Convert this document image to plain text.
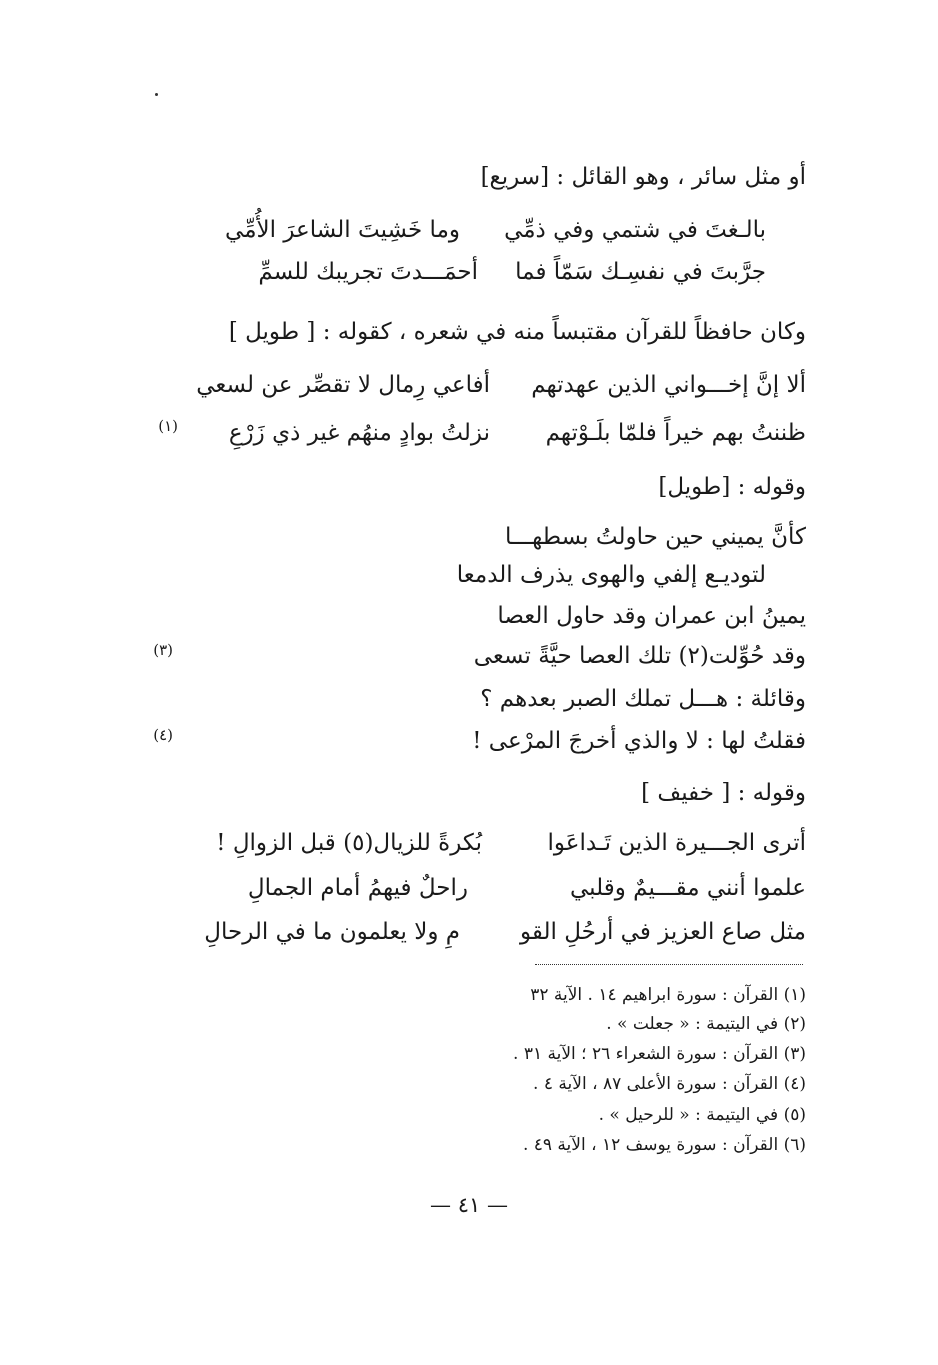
أو مثل سائر ، وهو القائل : [سريع]
بالـغتَ في شتمي وفي ذمِّي
وما خَشِيتَ الشاعرَ الأُمِّي
جرَّبتَ في نفسِـك سَمّاً فما
أحمَـــدتَ تجريبك للسمِّ
وكان حافظاً للقرآن مقتبساً منه في شعره ، كقوله : [ طويل ]
ألا إنَّ إخـــواني الذين عهدتهم
أفاعي رِمال لا تقصِّر عن لسعي
ظننتُ بهم خيراً فلمّا بلَـوْتهم
نزلتُ بوادٍ منهُم غير ذي زَرْعِ
(١)
وقوله : [طويل]
كأنَّ يميني حين حاولتُ بسطهـــا
لتوديـع إلفي والهوى يذرف الدمعا
يمينُ ابن عمران وقد حاول العصا
وقد حُوِّلت(٢) تلك العصا حيَّةً تسعى
(٣)
وقائلة : هـــل تملك الصبر بعدهم ؟
فقلتُ لها : لا والذي أخرجَ المرْعى !
(٤)
وقوله : [ خفيف ]
أترى الجـــيرة الذين تَـداعَوا
بُكرةً للزيال(٥) قبل الزوالِ !
علموا أنني مقـــيمٌ وقلبي
راحلٌ فيهمُ أمام الجمالِ
مثل صاع العزيز في أرحُلِ القو
مِ ولا يعلمون ما في الرحالِ
(١) القرآن : سورة ابراهيم ١٤ . الآية ٣٢
(٢) في اليتيمة : « جعلت » .
(٣) القرآن : سورة الشعراء ٢٦ ؛ الآية ٣١ .
(٤) القرآن : سورة الأعلى ٨٧ ، الآية ٤ .
(٥) في اليتيمة : « للرحيل » .
(٦) القرآن : سورة يوسف ١٢ ، الآية ٤٩ .
— ٤١ —
